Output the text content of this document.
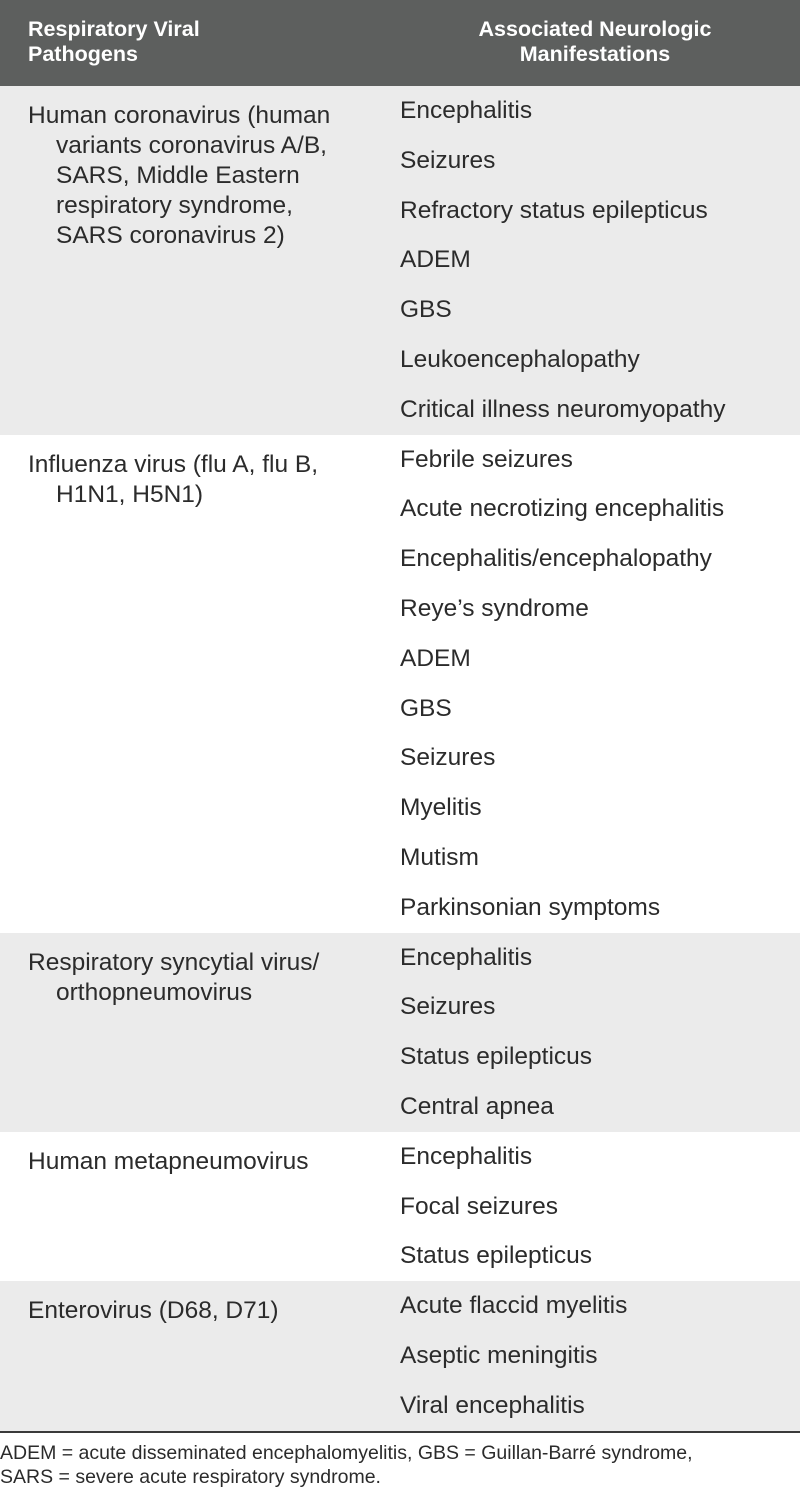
Respiratory Viral
Pathogens
Associated Neurologic
Manifestations
Human coronavirus (human
variants coronavirus A/B,
SARS, Middle Eastern
respiratory syndrome,
SARS coronavirus 2)
Encephalitis
Seizures
Refractory status epilepticus
ADEM
GBS
Leukoencephalopathy
Critical illness neuromyopathy
Influenza virus (flu A, flu B,
H1N1, H5N1)
Febrile seizures
Acute necrotizing encephalitis
Encephalitis/encephalopathy
Reye’s syndrome
ADEM
GBS
Seizures
Myelitis
Mutism
Parkinsonian symptoms
Respiratory syncytial virus/
orthopneumovirus
Encephalitis
Seizures
Status epilepticus
Central apnea
Human metapneumovirus	Encephalitis
Focal seizures
Status epilepticus
Enterovirus (D68, D71)	Acute flaccid myelitis
Aseptic meningitis
Viral encephalitis
ADEM = acute disseminated encephalomyelitis, GBS = Guillan-Barré syndrome,
SARS = severe acute respiratory syndrome.
